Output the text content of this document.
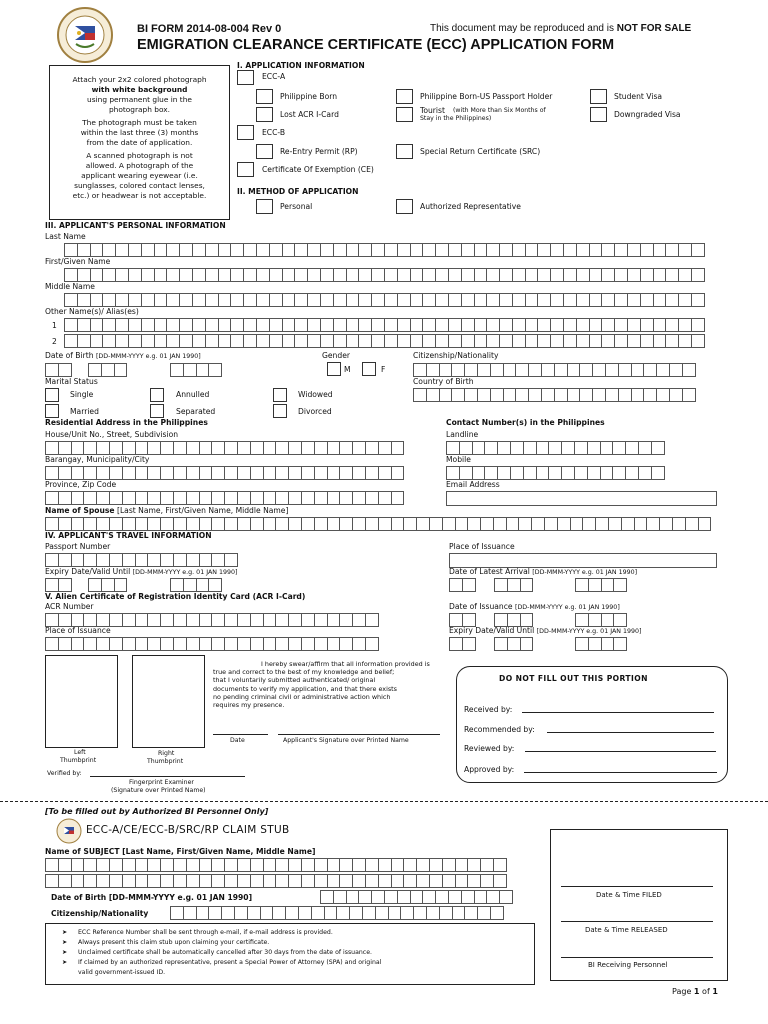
BI FORM 2014-08-004 Rev 0	This document may be reproduced and is NOT FOR SALE
EMIGRATION CLEARANCE CERTIFICATE (ECC) APPLICATION FORM
Attach your 2x2 colored photograph
with white background
using permanent glue in the
photograph box.
The photograph must be taken
within the last three (3) months
from the date of application.
A scanned photograph is not
allowed. A photograph of the
applicant wearing eyewear (i.e.
sunglasses, colored contact lenses,
etc.) or headwear is not acceptable.
I. APPLICATION INFORMATION
ECC-A
Philippine Born	Philippine Born-US Passport Holder	Student Visa
Lost ACR I-Card	Tourist (with More than Six Months of
Stay in the Philippines)	Downgraded Visa
ECC-B
Re-Entry Permit (RP)	Special Return Certificate (SRC)
Certificate Of Exemption (CE)
II. METHOD OF APPLICATION
Personal	Authorized Representative
III. APPLICANT'S PERSONAL INFORMATION
Last Name
First/Given Name
Middle Name
Other Name(s)/ Alias(es)
1
2
Date of Birth [DD-MMM-YYYY e.g. 01 JAN 1990]	Gender
M	F
Citizenship/Nationality
Marital Status	Country of Birth
Single	Annulled	Widowed
Married	Separated	Divorced
Residential Address in the Philippines	Contact Number(s) in the Philippines
House/Unit No., Street, Subdivision	Landline
Barangay, Municipality/City	Mobile
Province, Zip Code	Email Address
Name of Spouse [Last Name, First/Given Name, Middle Name]
IV. APPLICANT'S TRAVEL INFORMATION
Passport Number	Place of Issuance
Expiry Date/Valid Until [DD-MMM-YYYY e.g. 01 JAN 1990]	Date of Latest Arrival [DD-MMM-YYYY e.g. 01 JAN 1990]
V. Alien Certificate of Registration Identity Card (ACR I-Card)
ACR Number	Date of Issuance [DD-MMM-YYYY e.g. 01 JAN 1990]
Place of Issuance	Expiry Date/Valid Until [DD-MMM-YYYY e.g. 01 JAN 1990]
Left
Thumbprint
Right
Thumbprint
Verified by:
Fingerprint Examiner
(Signature over Printed Name)
I hereby swear/affirm that all information provided is
true and correct to the best of my knowledge and belief;
that I voluntarily submitted authenticated/ original
documents to verify my application, and that there exists
no pending criminal civil or administrative action which
requires my presence.
Date	Applicant's Signature over Printed Name
DO NOT FILL OUT THIS PORTION
Received by:
Recommended by:
Reviewed by:
Approved by:
[To be filled out by Authorized BI Personnel Only]
ECC-A/CE/ECC-B/SRC/RP CLAIM STUB
Name of SUBJECT [Last Name, First/Given Name, Middle Name]
Date of Birth [DD-MMM-YYYY e.g. 01 JAN 1990]
Citizenship/Nationality
➤ ECC Reference Number shall be sent through e-mail, if e-mail address is provided.
➤ Always present this claim stub upon claiming your certificate.
➤ Unclaimed certificate shall be automatically cancelled after 30 days from the date of issuance.
➤ If claimed by an authorized representative, present a Special Power of Attorney (SPA) and original
valid government-issued ID.
Date & Time FILED
Date & Time RELEASED
BI Receiving Personnel
Page 1 of 1
